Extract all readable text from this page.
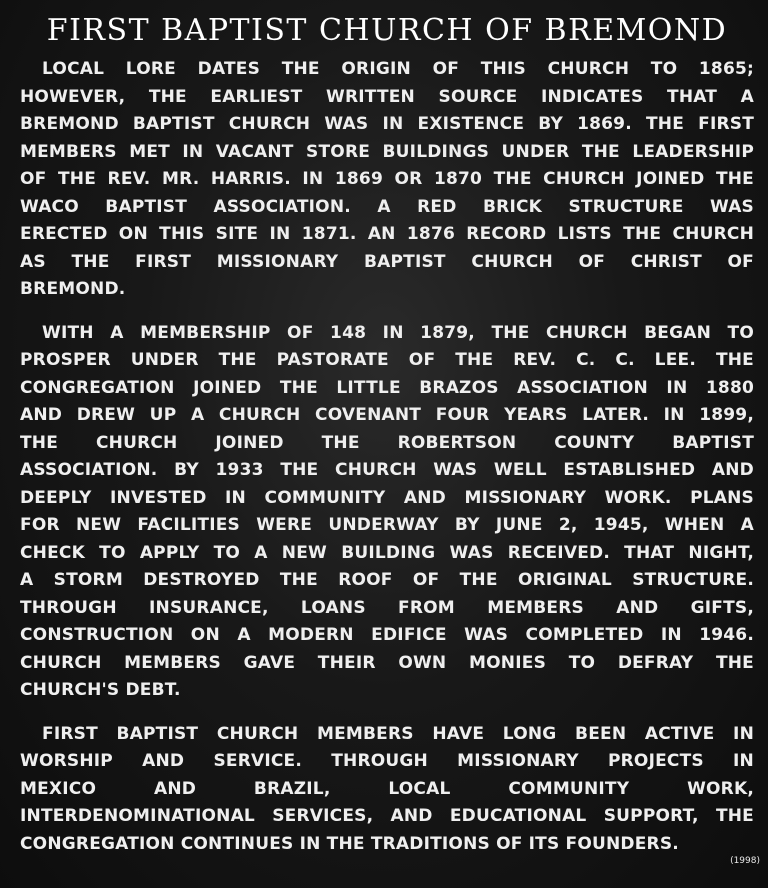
FIRST BAPTIST CHURCH OF BREMOND
LOCAL LORE DATES THE ORIGIN OF THIS CHURCH TO 1865;
HOWEVER, THE EARLIEST WRITTEN SOURCE INDICATES THAT A
BREMOND BAPTIST CHURCH WAS IN EXISTENCE BY 1869. THE FIRST
MEMBERS MET IN VACANT STORE BUILDINGS UNDER THE LEADERSHIP
OF THE REV. MR. HARRIS. IN 1869 OR 1870 THE CHURCH JOINED THE
WACO BAPTIST ASSOCIATION. A RED BRICK STRUCTURE WAS
ERECTED ON THIS SITE IN 1871. AN 1876 RECORD LISTS THE CHURCH
AS THE FIRST MISSIONARY BAPTIST CHURCH OF CHRIST OF
BREMOND.
WITH A MEMBERSHIP OF 148 IN 1879, THE CHURCH BEGAN TO
PROSPER UNDER THE PASTORATE OF THE REV. C. C. LEE. THE
CONGREGATION JOINED THE LITTLE BRAZOS ASSOCIATION IN 1880
AND DREW UP A CHURCH COVENANT FOUR YEARS LATER. IN 1899,
THE CHURCH JOINED THE ROBERTSON COUNTY BAPTIST
ASSOCIATION. BY 1933 THE CHURCH WAS WELL ESTABLISHED AND
DEEPLY INVESTED IN COMMUNITY AND MISSIONARY WORK. PLANS
FOR NEW FACILITIES WERE UNDERWAY BY JUNE 2, 1945, WHEN A
CHECK TO APPLY TO A NEW BUILDING WAS RECEIVED. THAT NIGHT,
A STORM DESTROYED THE ROOF OF THE ORIGINAL STRUCTURE.
THROUGH INSURANCE, LOANS FROM MEMBERS AND GIFTS,
CONSTRUCTION ON A MODERN EDIFICE WAS COMPLETED IN 1946.
CHURCH MEMBERS GAVE THEIR OWN MONIES TO DEFRAY THE
CHURCH'S DEBT.
FIRST BAPTIST CHURCH MEMBERS HAVE LONG BEEN ACTIVE IN
WORSHIP AND SERVICE. THROUGH MISSIONARY PROJECTS IN
MEXICO AND BRAZIL, LOCAL COMMUNITY WORK,
INTERDENOMINATIONAL SERVICES, AND EDUCATIONAL SUPPORT, THE
CONGREGATION CONTINUES IN THE TRADITIONS OF ITS FOUNDERS.
(1998)
